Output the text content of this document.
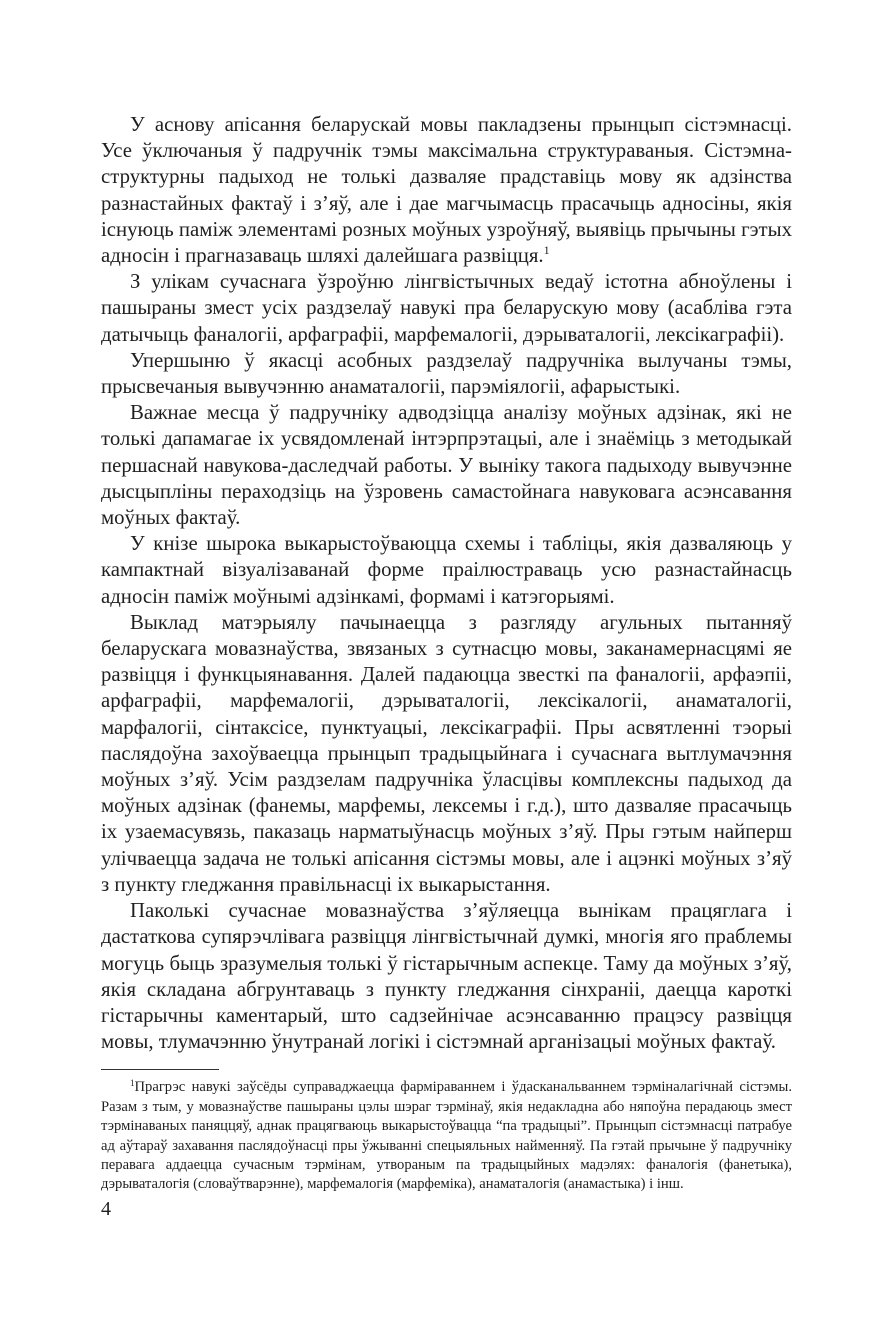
У аснову апісання беларускай мовы пакладзены прынцып сістэмнасці. Усе ўключаныя ў падручнік тэмы максімальна структураваныя. Сістэмна-структурны падыход не толькі дазваляе прадставіць мову як адзінства разнастайных фактаў і з’яў, але і дае магчымасць прасачыць адносіны, якія існуюць паміж элементамі розных моўных узроўняў, выявіць прычыны гэтых адносін і прагназаваць шляхі далейшага развіцця.$^1$

З улікам сучаснага ўзроўню лінгвістычных ведаў істотна абноўлены і пашыраны змест усіх раздзелаў навукі пра беларускую мову (асабліва гэта датычыць фаналогіі, арфаграфіі, марфемалогіі, дэрываталогіі, лексікаграфіі).

Упершыню ў якасці асобных раздзелаў падручніка вылучаны тэмы, прысвечаныя вывучэнню анаматалогіі, парэміялогіі, афарыстыкі.

Важнае месца ў падручніку адводзіцца аналізу моўных адзінак, які не толькі дапамагае іх усвядомленай інтэрпрэтацыі, але і знаёміць з методыкай першаснай навукова-даследчай работы. У выніку такога падыходу вывучэнне дысцыпліны пераходзіць на ўзровень самастойнага навуковага асэнсавання моўных фактаў.

У кнізе шырока выкарыстоўваюцца схемы і табліцы, якія дазваляюць у кампактнай візуалізаванай форме праілюстраваць усю разнастайнасць адносін паміж моўнымі адзінкамі, формамі і катэгорыямі.

Выклад матэрыялу пачынаецца з разгляду агульных пытанняў беларускага мовазнаўства, звязаных з сутнасцю мовы, заканамернасцямі яе развіцця і функцыянавання. Далей падаюцца звесткі па фаналогіі, арфаэпіі, арфаграфіі, марфемалогіі, дэрываталогіі, лексікалогіі, анаматалогіі, марфалогіі, сінтаксісе, пунктуацыі, лексікаграфіі. Пры асвятленні тэорыі паслядоўна захоўваецца прынцып традыцыйнага і сучаснага вытлумачэння моўных з’яў. Усім раздзелам падручніка ўласцівы комплексны падыход да моўных адзінак (фанемы, марфемы, лексемы і г.д.), што дазваляе прасачыць іх узаемасувязь, паказаць нарматыўнасць моўных з’яў. Пры гэтым найперш улічваецца задача не толькі апісання сістэмы мовы, але і ацэнкі моўных з’яў з пункту гледжання правільнасці іх выкарыстання.

Паколькі сучаснае мовазнаўства з’яўляецца вынікам працяглага і дастаткова супярэчлівага развіцця лінгвістычнай думкі, многія яго праблемы могуць быць зразумелыя толькі ў гістарычным аспекце. Таму да моўных з’яў, якія складана абгрунтаваць з пункту гледжання сінхраніі, даецца кароткі гістарычны каментарый, што садзейнічае асэнсаванню працэсу развіцця мовы, тлумачэнню ўнутранай логікі і сістэмнай арганізацыі моўных фактаў.

$^1$Прагрэс навукі заўсёды суправаджаецца фарміраваннем і ўдасканальваннем тэрміналагічнай сістэмы. Разам з тым, у мовазнаўстве пашыраны цэлы шэраг тэрмінаў, якія недакладна або няпоўна перадаюць змест тэрмінаваных паняццяў, аднак працягваюць выкарыстоўвацца “па традыцыі”. Прынцып сістэмнасці патрабуе ад аўтараў захавання паслядоўнасці пры ўжыванні спецыяльных найменняў. Па гэтай прычыне ў падручніку перавага аддаецца сучасным тэрмінам, утвораным па традыцыйных мадэлях: фаналогія (фанетыка), дэрываталогія (словаўтварэнне), марфемалогія (марфеміка), анаматалогія (анамастыка) і інш.

4
